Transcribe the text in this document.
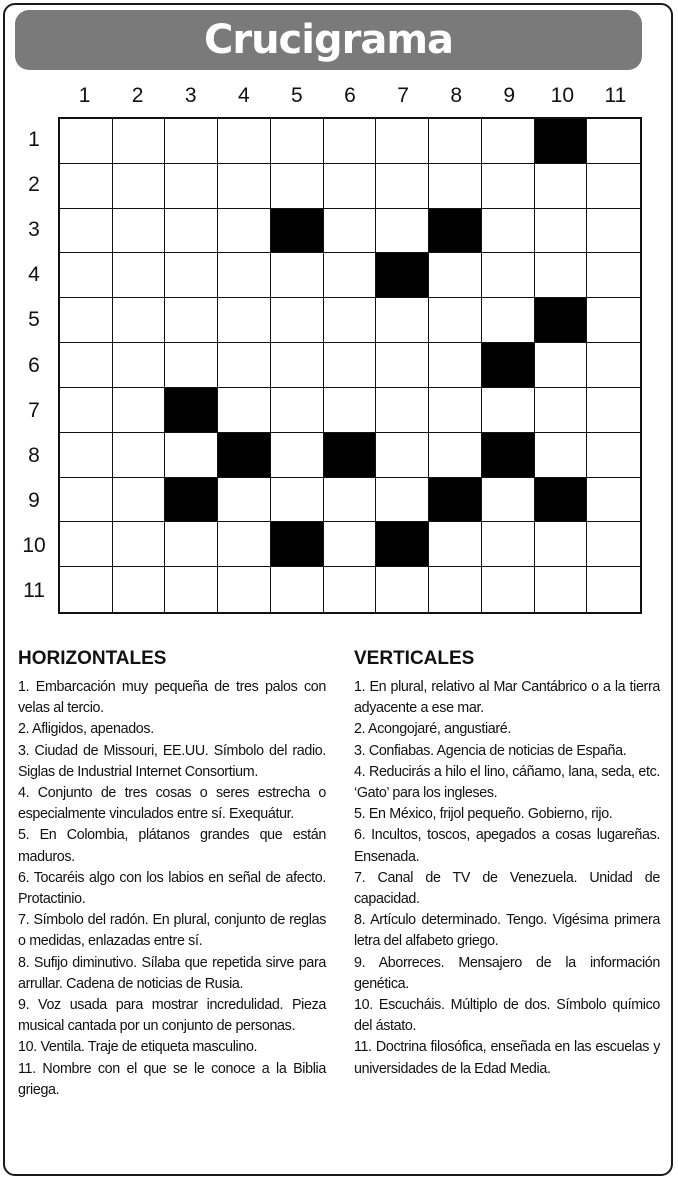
Crucigrama
1	2	3	4	5	6	7	8	9	10	11
1
2
3
4
5
6
7
8
9
10
11
HORIZONTALES

1. Embarcación muy pequeña de tres palos con velas al tercio.

2. Afligidos, apenados.

3. Ciudad de Missouri, EE.UU. Símbolo del radio. Siglas de Industrial Internet Consortium.

4. Conjunto de tres cosas o seres estrecha o especialmente vinculados entre sí. Exequátur.

5. En Colombia, plátanos grandes que están maduros.

6. Tocaréis algo con los labios en señal de afecto. Protactinio.

7. Símbolo del radón. En plural, conjunto de reglas o medidas, enlazadas entre sí.

8. Sufijo diminutivo. Sílaba que repetida sirve para arrullar. Cadena de noticias de Rusia.

9. Voz usada para mostrar incredulidad. Pieza musical cantada por un conjunto de personas.

10. Ventila. Traje de etiqueta masculino.

11. Nombre con el que se le conoce a la Biblia griega.

VERTICALES

1. En plural, relativo al Mar Cantábrico o a la tierra adyacente a ese mar.

2. Acongojaré, angustiaré.

3. Confiabas. Agencia de noticias de España.

4. Reducirás a hilo el lino, cáñamo, lana, seda, etc. ‘Gato’ para los ingleses.

5. En México, frijol pequeño. Gobierno, rijo.

6. Incultos, toscos, apegados a cosas lugareñas. Ensenada.

7. Canal de TV de Venezuela. Unidad de capacidad.

8. Artículo determinado. Tengo. Vigésima primera letra del alfabeto griego.

9. Aborreces. Mensajero de la información genética.

10. Escucháis. Múltiplo de dos. Símbolo químico del ástato.

11. Doctrina filosófica, enseñada en las escuelas y universidades de la Edad Media.
